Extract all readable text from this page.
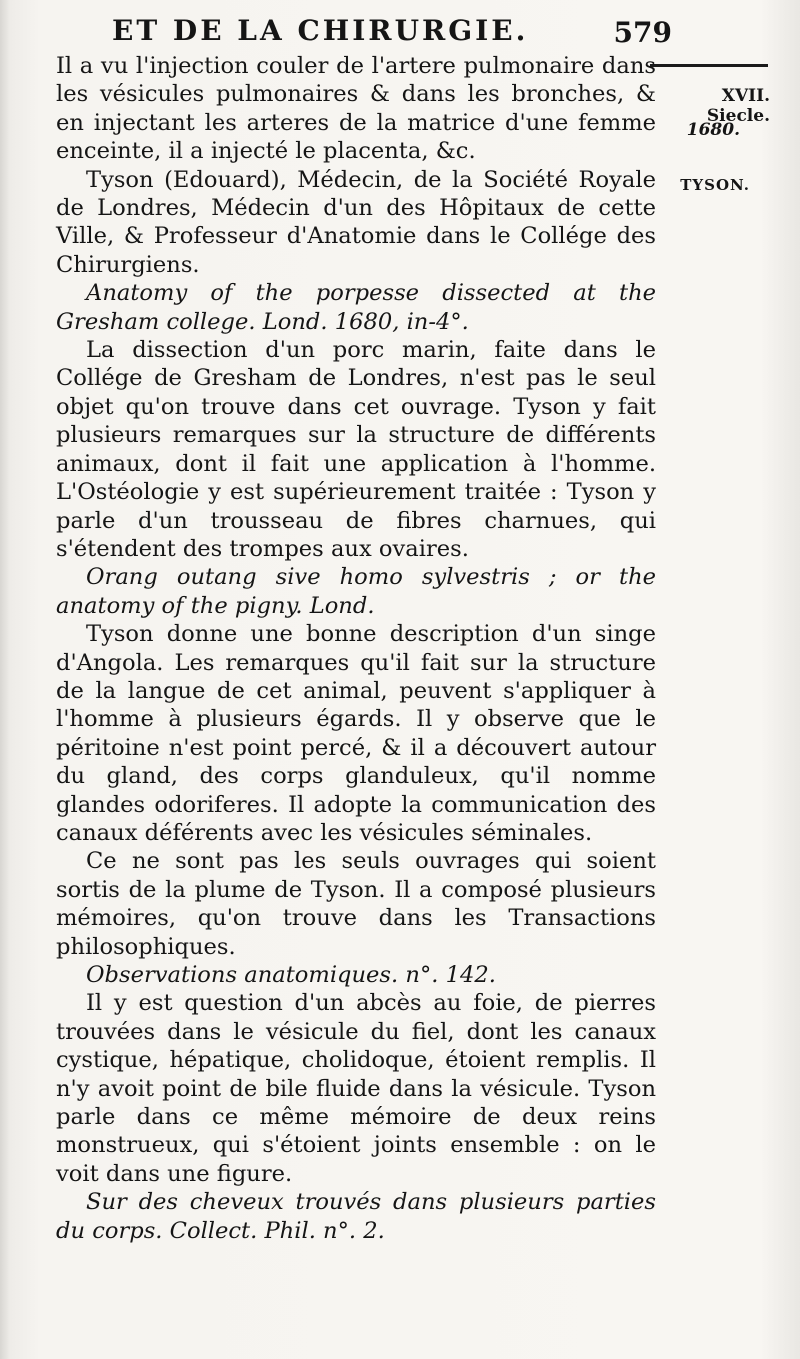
ET DE LA CHIRURGIE.	579
XVII. Siecle.
1680.
TYSON.

Il a vu l'injection couler de l'artere pulmonaire dans les vésicules pulmonaires & dans les bronches, & en injectant les arteres de la matrice d'une femme enceinte, il a injecté le placenta, &c.

Tyson (Edouard), Médecin, de la Société Royale de Londres, Médecin d'un des Hôpitaux de cette Ville, & Professeur d'Anatomie dans le Collége des Chirurgiens.

Anatomy of the porpesse dissected at the Gresham college. Lond. 1680, in-4°.

La dissection d'un porc marin, faite dans le Collége de Gresham de Londres, n'est pas le seul objet qu'on trouve dans cet ouvrage. Tyson y fait plusieurs remarques sur la structure de différents animaux, dont il fait une application à l'homme. L'Ostéologie y est supérieurement traitée : Tyson y parle d'un trousseau de fibres charnues, qui s'étendent des trompes aux ovaires.

Orang outang sive homo sylvestris ; or the anatomy of the pigny. Lond.

Tyson donne une bonne description d'un singe d'Angola. Les remarques qu'il fait sur la structure de la langue de cet animal, peuvent s'appliquer à l'homme à plusieurs égards. Il y observe que le péritoine n'est point percé, & il a découvert autour du gland, des corps glanduleux, qu'il nomme glandes odoriferes. Il adopte la communication des canaux déférents avec les vésicules séminales.

Ce ne sont pas les seuls ouvrages qui soient sortis de la plume de Tyson. Il a composé plusieurs mémoires, qu'on trouve dans les Transactions philosophiques.

Observations anatomiques. n°. 142.

Il y est question d'un abcès au foie, de pierres trouvées dans le vésicule du fiel, dont les canaux cystique, hépatique, cholidoque, étoient remplis. Il n'y avoit point de bile fluide dans la vésicule. Tyson parle dans ce même mémoire de deux reins monstrueux, qui s'étoient joints ensemble : on le voit dans une figure.

Sur des cheveux trouvés dans plusieurs parties du corps. Collect. Phil. n°. 2.
